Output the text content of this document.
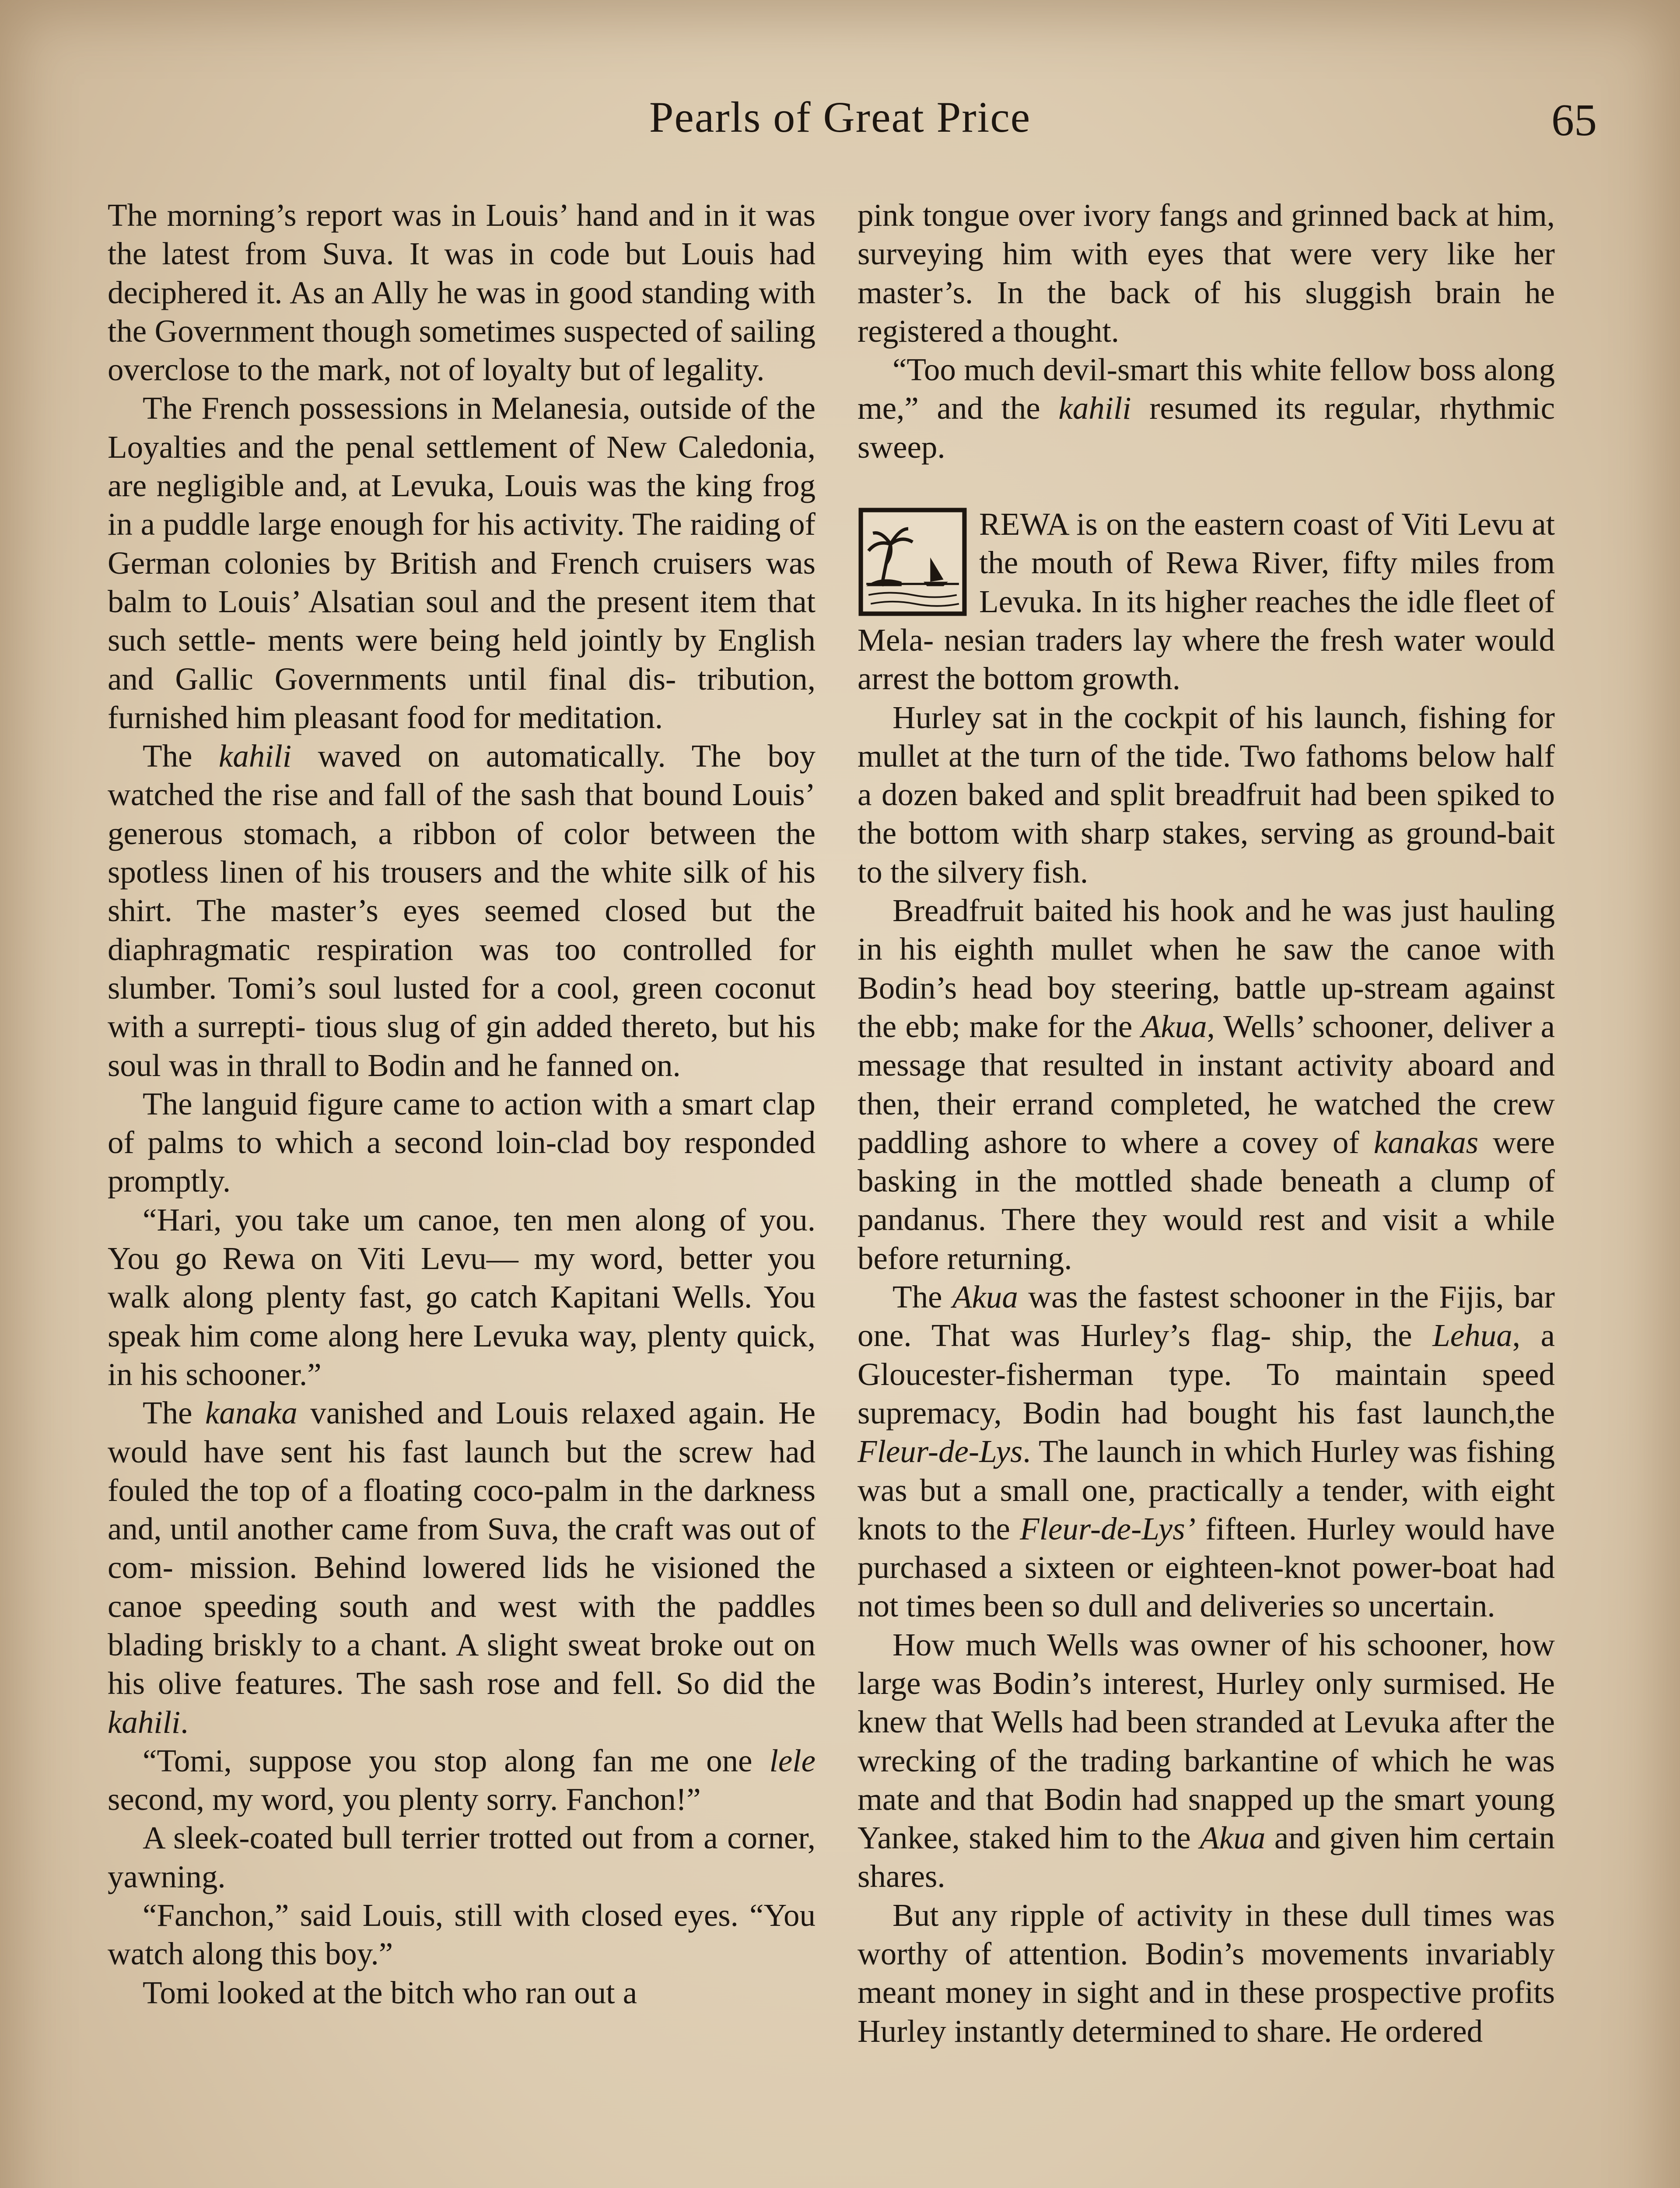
Pearls of Great Price	65

The morning’s report was in Louis’ hand and in it was the latest from Suva. It was in code but Louis had deciphered it. As an Ally he was in good standing with the Government though sometimes suspected of sailing overclose to the mark, not of loyalty but of legality.

The French possessions in Melanesia, outside of the Loyalties and the penal settlement of New Caledonia, are negligible and, at Levuka, Louis was the king frog in a puddle large enough for his activity. The raiding of German colonies by British and French cruisers was balm to Louis’ Alsatian soul and the present item that such settle- ments were being held jointly by English and Gallic Governments until final dis- tribution, furnished him pleasant food for meditation.

The kahili waved on automatically. The boy watched the rise and fall of the sash that bound Louis’ generous stomach, a ribbon of color between the spotless linen of his trousers and the white silk of his shirt. The master’s eyes seemed closed but the diaphragmatic respiration was too controlled for slumber. Tomi’s soul lusted for a cool, green coconut with a surrepti- tious slug of gin added thereto, but his soul was in thrall to Bodin and he fanned on.

The languid figure came to action with a smart clap of palms to which a second loin-clad boy responded promptly.

“Hari, you take um canoe, ten men along of you. You go Rewa on Viti Levu— my word, better you walk along plenty fast, go catch Kapitani Wells. You speak him come along here Levuka way, plenty quick, in his schooner.”

The kanaka vanished and Louis relaxed again. He would have sent his fast launch but the screw had fouled the top of a floating coco-palm in the darkness and, until another came from Suva, the craft was out of com- mission. Behind lowered lids he visioned the canoe speeding south and west with the paddles blading briskly to a chant. A slight sweat broke out on his olive features. The sash rose and fell. So did the kahili.

“Tomi, suppose you stop along fan me one lele second, my word, you plenty sorry. Fanchon!”

A sleek-coated bull terrier trotted out from a corner, yawning.

“Fanchon,” said Louis, still with closed eyes. “You watch along this boy.”

Tomi looked at the bitch who ran out a

pink tongue over ivory fangs and grinned back at him, surveying him with eyes that were very like her master’s. In the back of his sluggish brain he registered a thought.

“Too much devil-smart this white fellow boss along me,” and the kahili resumed its regular, rhythmic sweep.

REWA is on the eastern coast of Viti Levu at the mouth of Rewa River, fifty miles from Levuka. In its higher reaches the idle fleet of Mela- nesian traders lay where the fresh water would arrest the bottom growth.

Hurley sat in the cockpit of his launch, fishing for mullet at the turn of the tide. Two fathoms below half a dozen baked and split breadfruit had been spiked to the bottom with sharp stakes, serving as ground-bait to the silvery fish.

Breadfruit baited his hook and he was just hauling in his eighth mullet when he saw the canoe with Bodin’s head boy steering, battle up-stream against the ebb; make for the Akua, Wells’ schooner, deliver a message that resulted in instant activity aboard and then, their errand completed, he watched the crew paddling ashore to where a covey of kanakas were basking in the mottled shade beneath a clump of pandanus. There they would rest and visit a while before returning.

The Akua was the fastest schooner in the Fijis, bar one. That was Hurley’s flag- ship, the Lehua, a Gloucester-fisherman type. To maintain speed supremacy, Bodin had bought his fast launch,the Fleur-de-Lys. The launch in which Hurley was fishing was but a small one, practically a tender, with eight knots to the Fleur-de-Lys’ fifteen. Hurley would have purchased a sixteen or eighteen-knot power-boat had not times been so dull and deliveries so uncertain.

How much Wells was owner of his schooner, how large was Bodin’s interest, Hurley only surmised. He knew that Wells had been stranded at Levuka after the wrecking of the trading barkantine of which he was mate and that Bodin had snapped up the smart young Yankee, staked him to the Akua and given him certain shares.

But any ripple of activity in these dull times was worthy of attention. Bodin’s movements invariably meant money in sight and in these prospective profits Hurley instantly determined to share. He ordered
